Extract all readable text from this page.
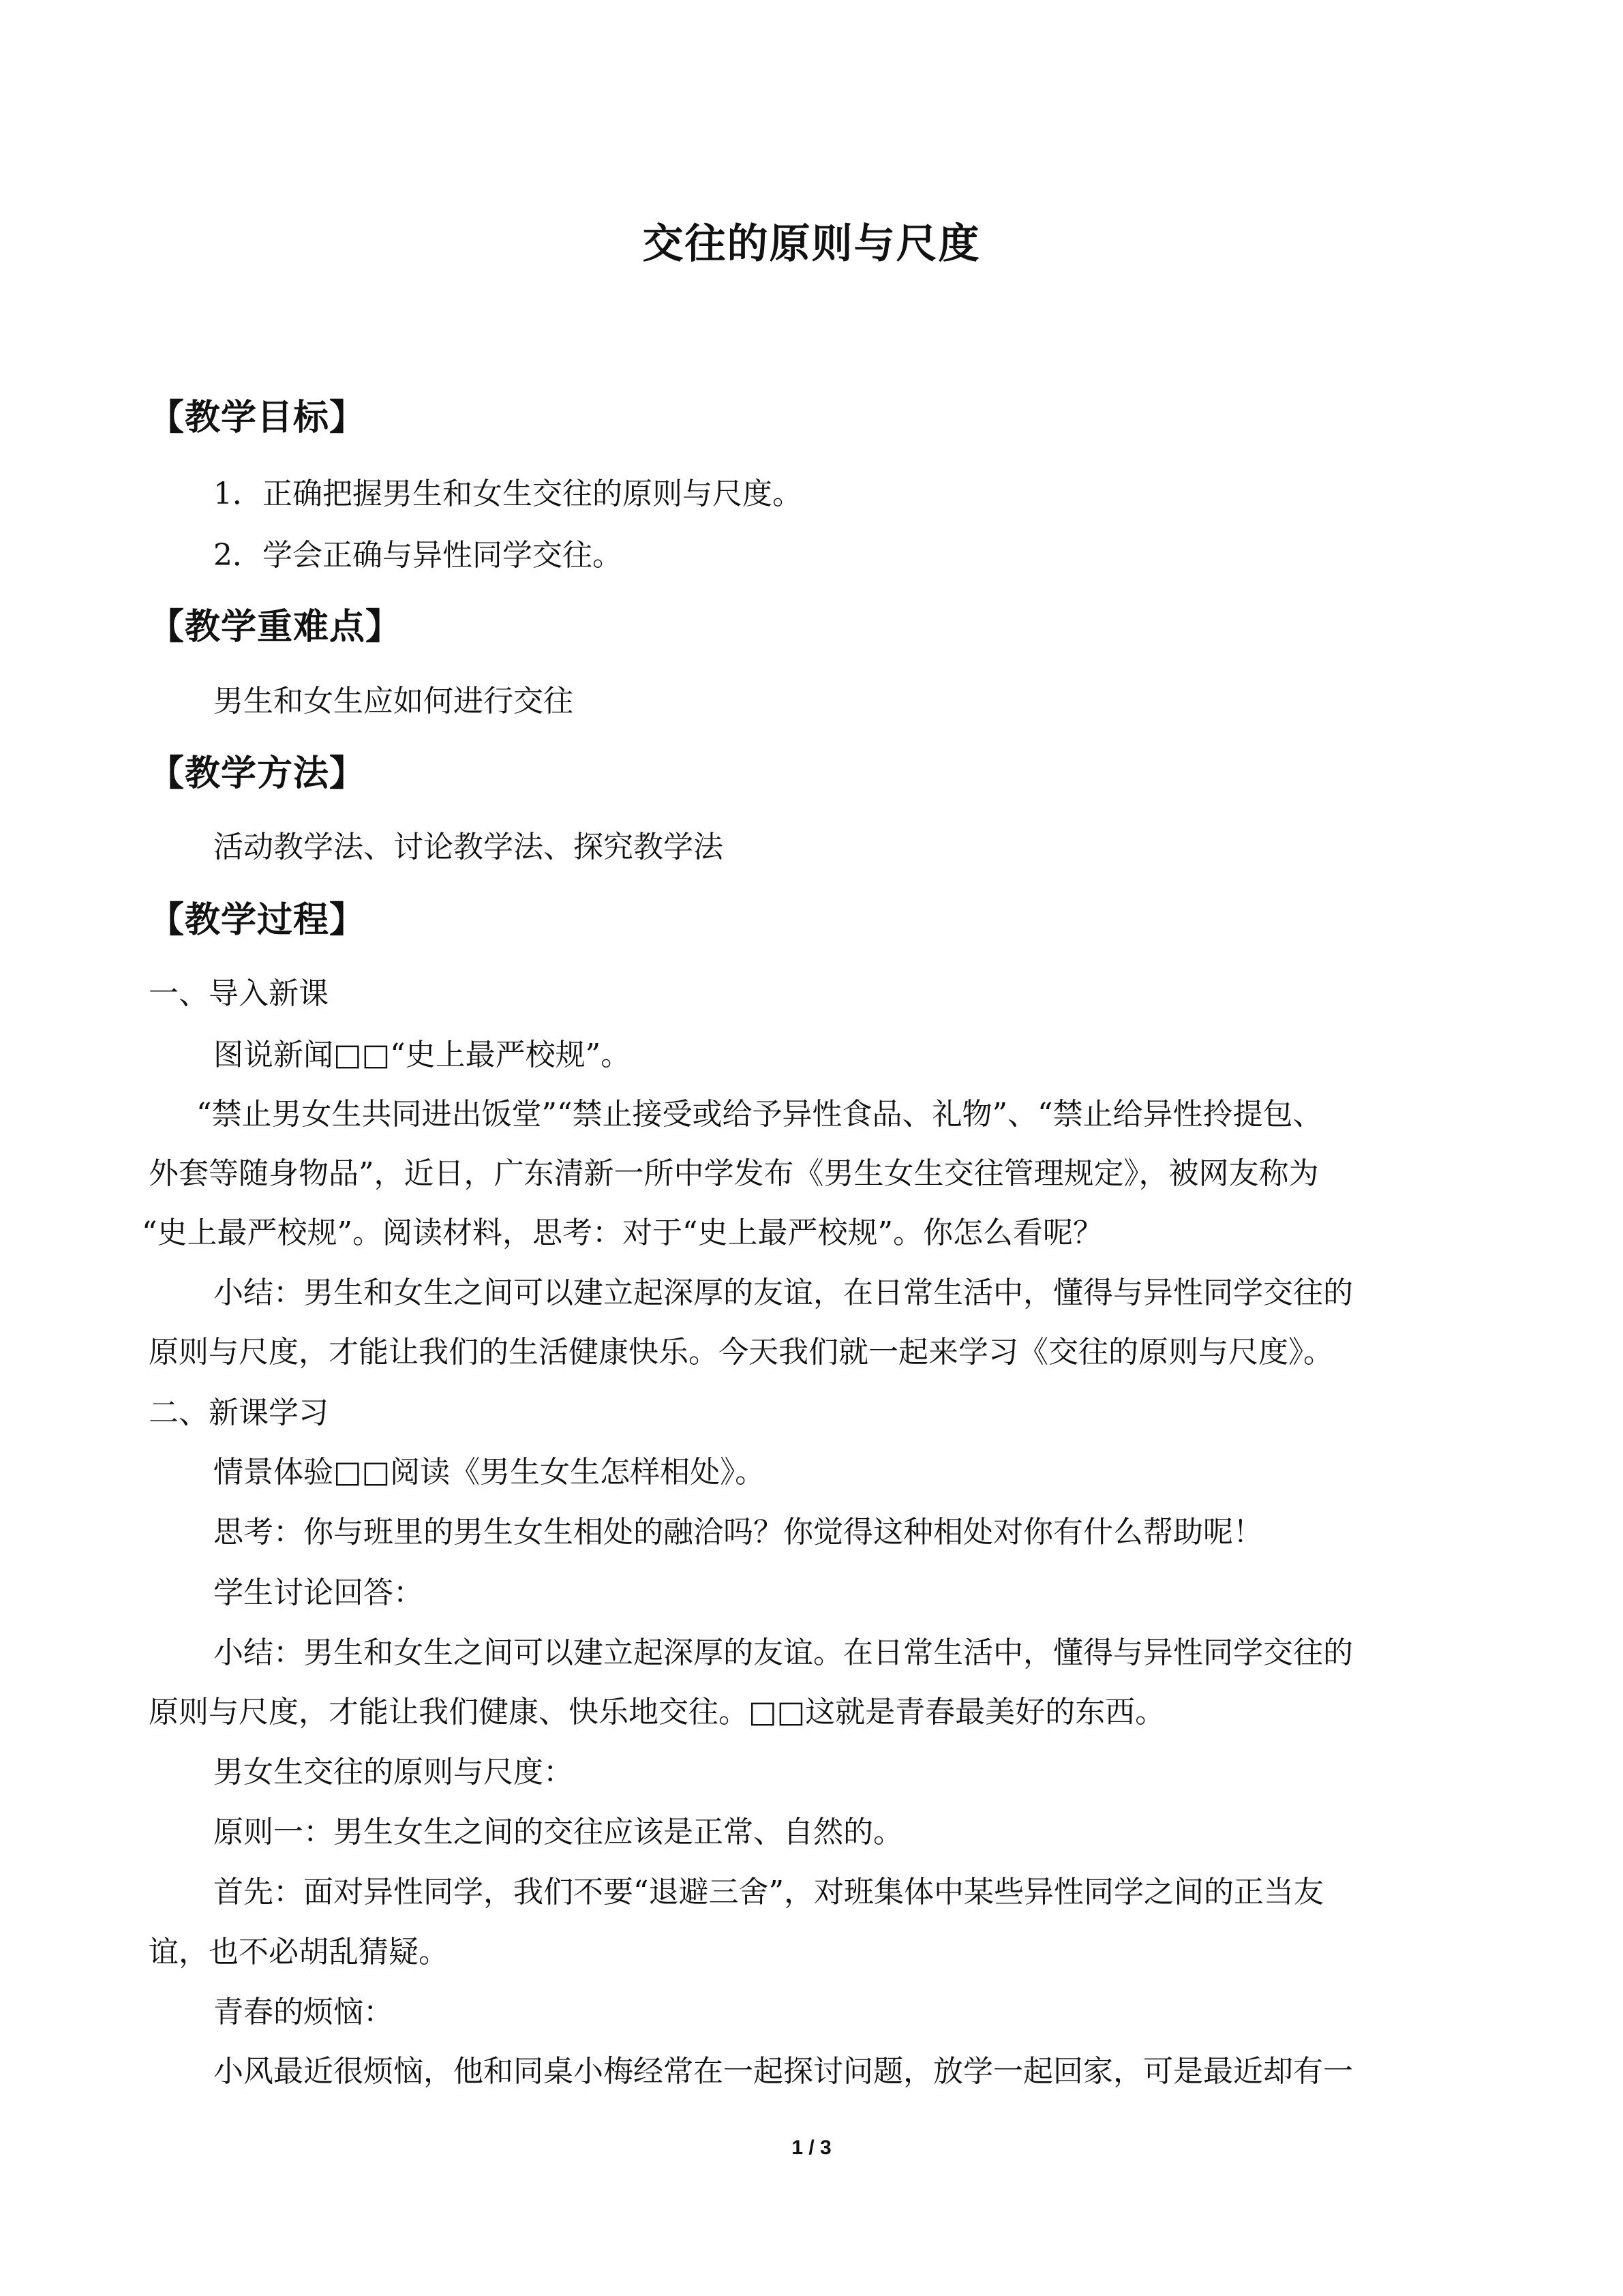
交往的原则与尺度
【教学目标】
1．正确把握男生和女生交往的原则与尺度。
2．学会正确与异性同学交往。
【教学重难点】
男生和女生应如何进行交往
【教学方法】
活动教学法、讨论教学法、探究教学法
【教学过程】
一、导入新课
图说新闻□□“史上最严校规”。
“禁止男女生共同进出饭堂”“禁止接受或给予异性食品、礼物”、“禁止给异性拎提包、
外套等随身物品”，近日，广东清新一所中学发布《男生女生交往管理规定》，被网友称为
“史上最严校规”。阅读材料，思考：对于“史上最严校规”。你怎么看呢？
小结：男生和女生之间可以建立起深厚的友谊，在日常生活中，懂得与异性同学交往的
原则与尺度，才能让我们的生活健康快乐。今天我们就一起来学习《交往的原则与尺度》。
二、新课学习
情景体验□□阅读《男生女生怎样相处》。
思考：你与班里的男生女生相处的融洽吗？你觉得这种相处对你有什么帮助呢！
学生讨论回答：
小结：男生和女生之间可以建立起深厚的友谊。在日常生活中，懂得与异性同学交往的
原则与尺度，才能让我们健康、快乐地交往。□□这就是青春最美好的东西。
男女生交往的原则与尺度：
原则一：男生女生之间的交往应该是正常、自然的。
首先：面对异性同学，我们不要“退避三舍”，对班集体中某些异性同学之间的正当友
谊，也不必胡乱猜疑。
青春的烦恼：
小风最近很烦恼，他和同桌小梅经常在一起探讨问题，放学一起回家，可是最近却有一
1 / 3
